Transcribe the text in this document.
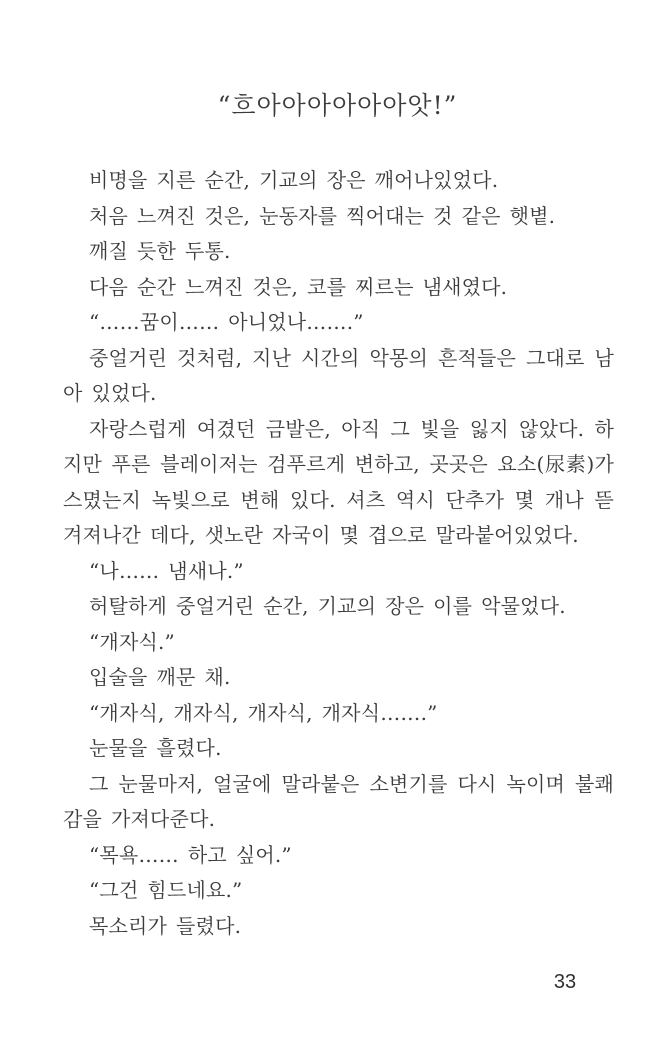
“흐아아아아아아앗!”
비명을 지른 순간, 기교의 장은 깨어나있었다.
처음 느껴진 것은, 눈동자를 찍어대는 것 같은 햇볕.
깨질 듯한 두통.
다음 순간 느껴진 것은, 코를 찌르는 냄새였다.
“……꿈이…… 아니었나…….”
중얼거린 것처럼, 지난 시간의 악몽의 흔적들은 그대로 남
아 있었다.
자랑스럽게 여겼던 금발은, 아직 그 빛을 잃지 않았다. 하
지만 푸른 블레이저는 검푸르게 변하고, 곳곳은 요소(尿素)가
스몄는지 녹빛으로 변해 있다. 셔츠 역시 단추가 몇 개나 뜯
겨져나간 데다, 샛노란 자국이 몇 겹으로 말라붙어있었다.
“나…… 냄새나.”
허탈하게 중얼거린 순간, 기교의 장은 이를 악물었다.
“개자식.”
입술을 깨문 채.
“개자식, 개자식, 개자식, 개자식…….”
눈물을 흘렸다.
그 눈물마저, 얼굴에 말라붙은 소변기를 다시 녹이며 불쾌
감을 가져다준다.
“목욕…… 하고 싶어.”
“그건 힘드네요.”
목소리가 들렸다.
33
